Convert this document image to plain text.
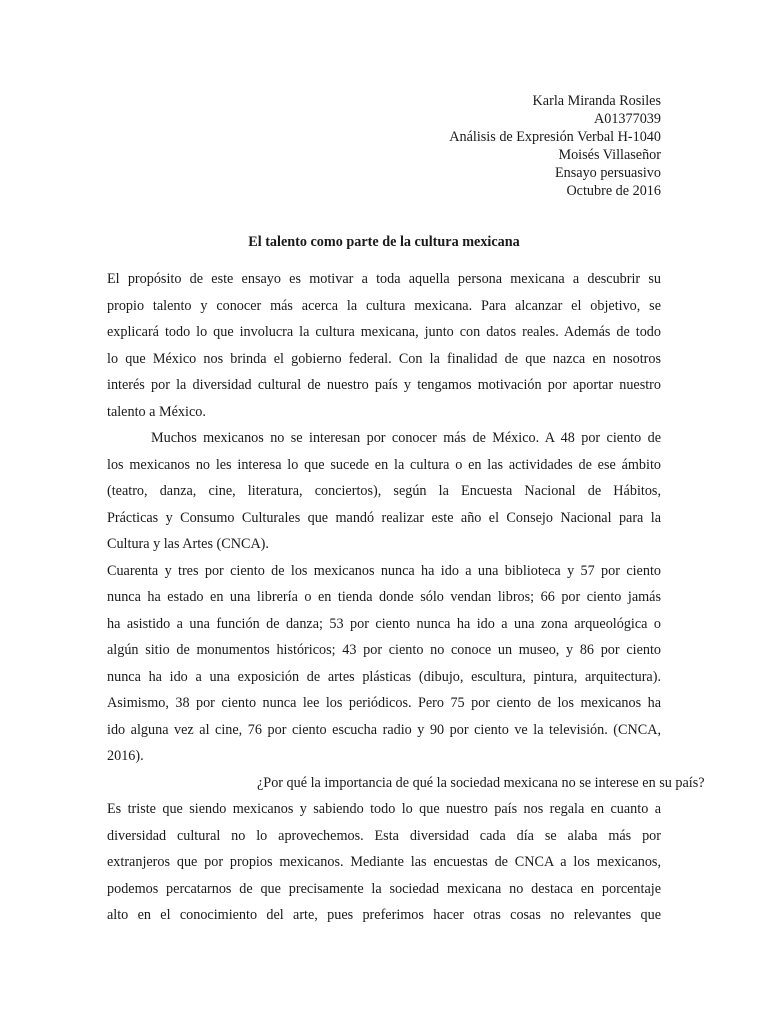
Karla Miranda Rosiles
A01377039
Análisis de Expresión Verbal H-1040
Moisés Villaseñor
Ensayo persuasivo
Octubre de 2016
El talento como parte de la cultura mexicana
El propósito de este ensayo es motivar a toda aquella persona mexicana a descubrir su
propio talento y conocer más acerca la cultura mexicana. Para alcanzar el objetivo, se
explicará todo lo que involucra la cultura mexicana, junto con datos reales. Además de todo
lo que México nos brinda el gobierno federal. Con la finalidad de que nazca en nosotros
interés por la diversidad cultural de nuestro país y tengamos motivación por aportar nuestro
talento a México.
Muchos mexicanos no se interesan por conocer más de México. A 48 por ciento de
los mexicanos no les interesa lo que sucede en la cultura o en las actividades de ese ámbito
(teatro, danza, cine, literatura, conciertos), según la Encuesta Nacional de Hábitos,
Prácticas y Consumo Culturales que mandó realizar este año el Consejo Nacional para la
Cultura y las Artes (CNCA).
Cuarenta y tres por ciento de los mexicanos nunca ha ido a una biblioteca y 57 por ciento
nunca ha estado en una librería o en tienda donde sólo vendan libros; 66 por ciento jamás
ha asistido a una función de danza; 53 por ciento nunca ha ido a una zona arqueológica o
algún sitio de monumentos históricos; 43 por ciento no conoce un museo, y 86 por ciento
nunca ha ido a una exposición de artes plásticas (dibujo, escultura, pintura, arquitectura).
Asimismo, 38 por ciento nunca lee los periódicos. Pero 75 por ciento de los mexicanos ha
ido alguna vez al cine, 76 por ciento escucha radio y 90 por ciento ve la televisión. (CNCA,
2016).
¿Por qué la importancia de qué la sociedad mexicana no se interese en su país?
Es triste que siendo mexicanos y sabiendo todo lo que nuestro país nos regala en cuanto a
diversidad cultural no lo aprovechemos. Esta diversidad cada día se alaba más por
extranjeros que por propios mexicanos. Mediante las encuestas de CNCA a los mexicanos,
podemos percatarnos de que precisamente la sociedad mexicana no destaca en porcentaje
alto en el conocimiento del arte, pues preferimos hacer otras cosas no relevantes que
